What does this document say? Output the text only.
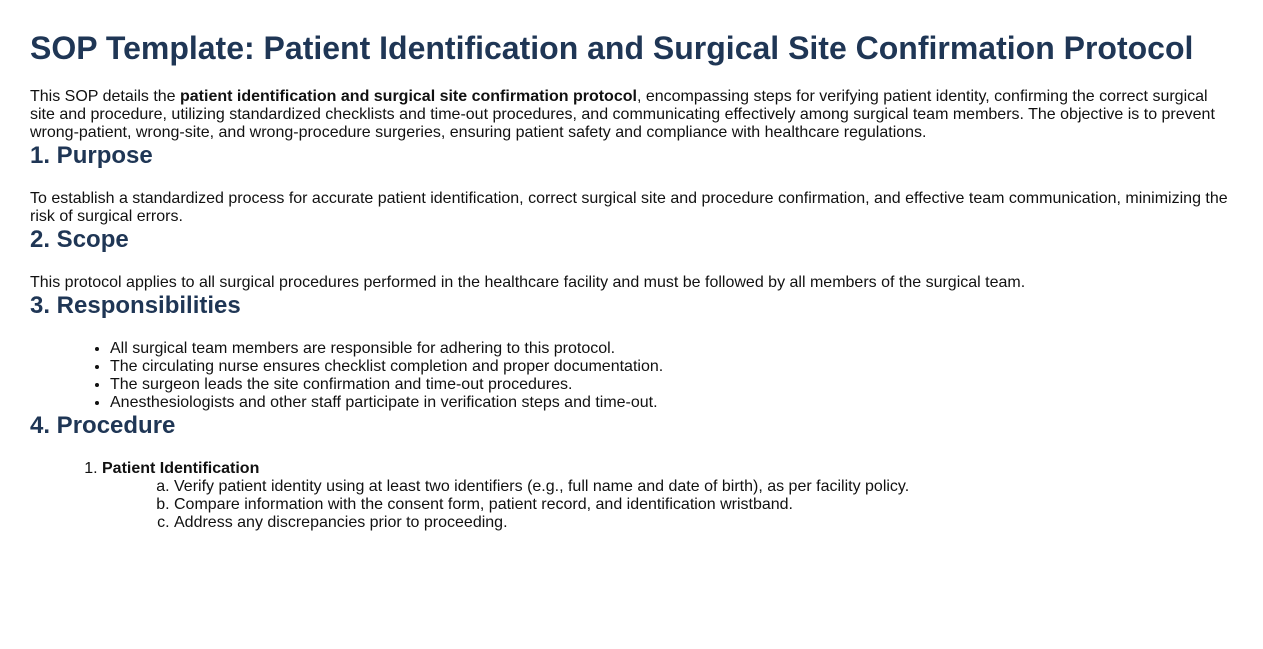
SOP Template: Patient Identification and Surgical Site Confirmation Protocol

This SOP details the patient identification and surgical site confirmation protocol, encompassing steps for verifying patient identity, confirming the correct surgical site and procedure, utilizing standardized checklists and time-out procedures, and communicating effectively among surgical team members. The objective is to prevent wrong-patient, wrong-site, and wrong-procedure surgeries, ensuring patient safety and compliance with healthcare regulations.

1. Purpose

To establish a standardized process for accurate patient identification, correct surgical site and procedure confirmation, and effective team communication, minimizing the risk of surgical errors.

2. Scope

This protocol applies to all surgical procedures performed in the healthcare facility and must be followed by all members of the surgical team.

3. Responsibilities
• All surgical team members are responsible for adhering to this protocol.
• The circulating nurse ensures checklist completion and proper documentation.
• The surgeon leads the site confirmation and time-out procedures.
• Anesthesiologists and other staff participate in verification steps and time-out.
4. Procedure
1. Patient Identification
a. Verify patient identity using at least two identifiers (e.g., full name and date of birth), as per facility policy.
b. Compare information with the consent form, patient record, and identification wristband.
c. Address any discrepancies prior to proceeding.
